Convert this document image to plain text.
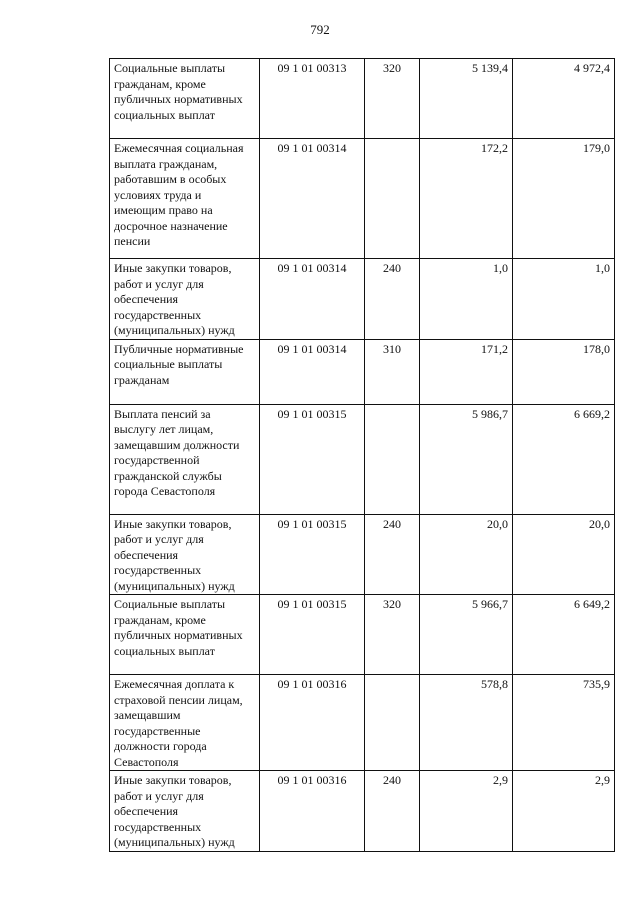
792
Социальные выплаты гражданам, кроме публичных нормативных социальных выплат	09 1 01 00313	320	5 139,4	4 972,4
Ежемесячная социальная выплата гражданам, работавшим в особых условиях труда и имеющим право на досрочное назначение пенсии	09 1 01 00314		172,2	179,0
Иные закупки товаров, работ и услуг для обеспечения государственных (муниципальных) нужд	09 1 01 00314	240	1,0	1,0
Публичные нормативные социальные выплаты гражданам	09 1 01 00314	310	171,2	178,0
Выплата пенсий за выслугу лет лицам, замещавшим должности государственной гражданской службы города Севастополя	09 1 01 00315		5 986,7	6 669,2
Иные закупки товаров, работ и услуг для обеспечения государственных (муниципальных) нужд	09 1 01 00315	240	20,0	20,0
Социальные выплаты гражданам, кроме публичных нормативных социальных выплат	09 1 01 00315	320	5 966,7	6 649,2
Ежемесячная доплата к страховой пенсии лицам, замещавшим государственные должности города Севастополя	09 1 01 00316		578,8	735,9
Иные закупки товаров, работ и услуг для обеспечения государственных (муниципальных) нужд	09 1 01 00316	240	2,9	2,9
